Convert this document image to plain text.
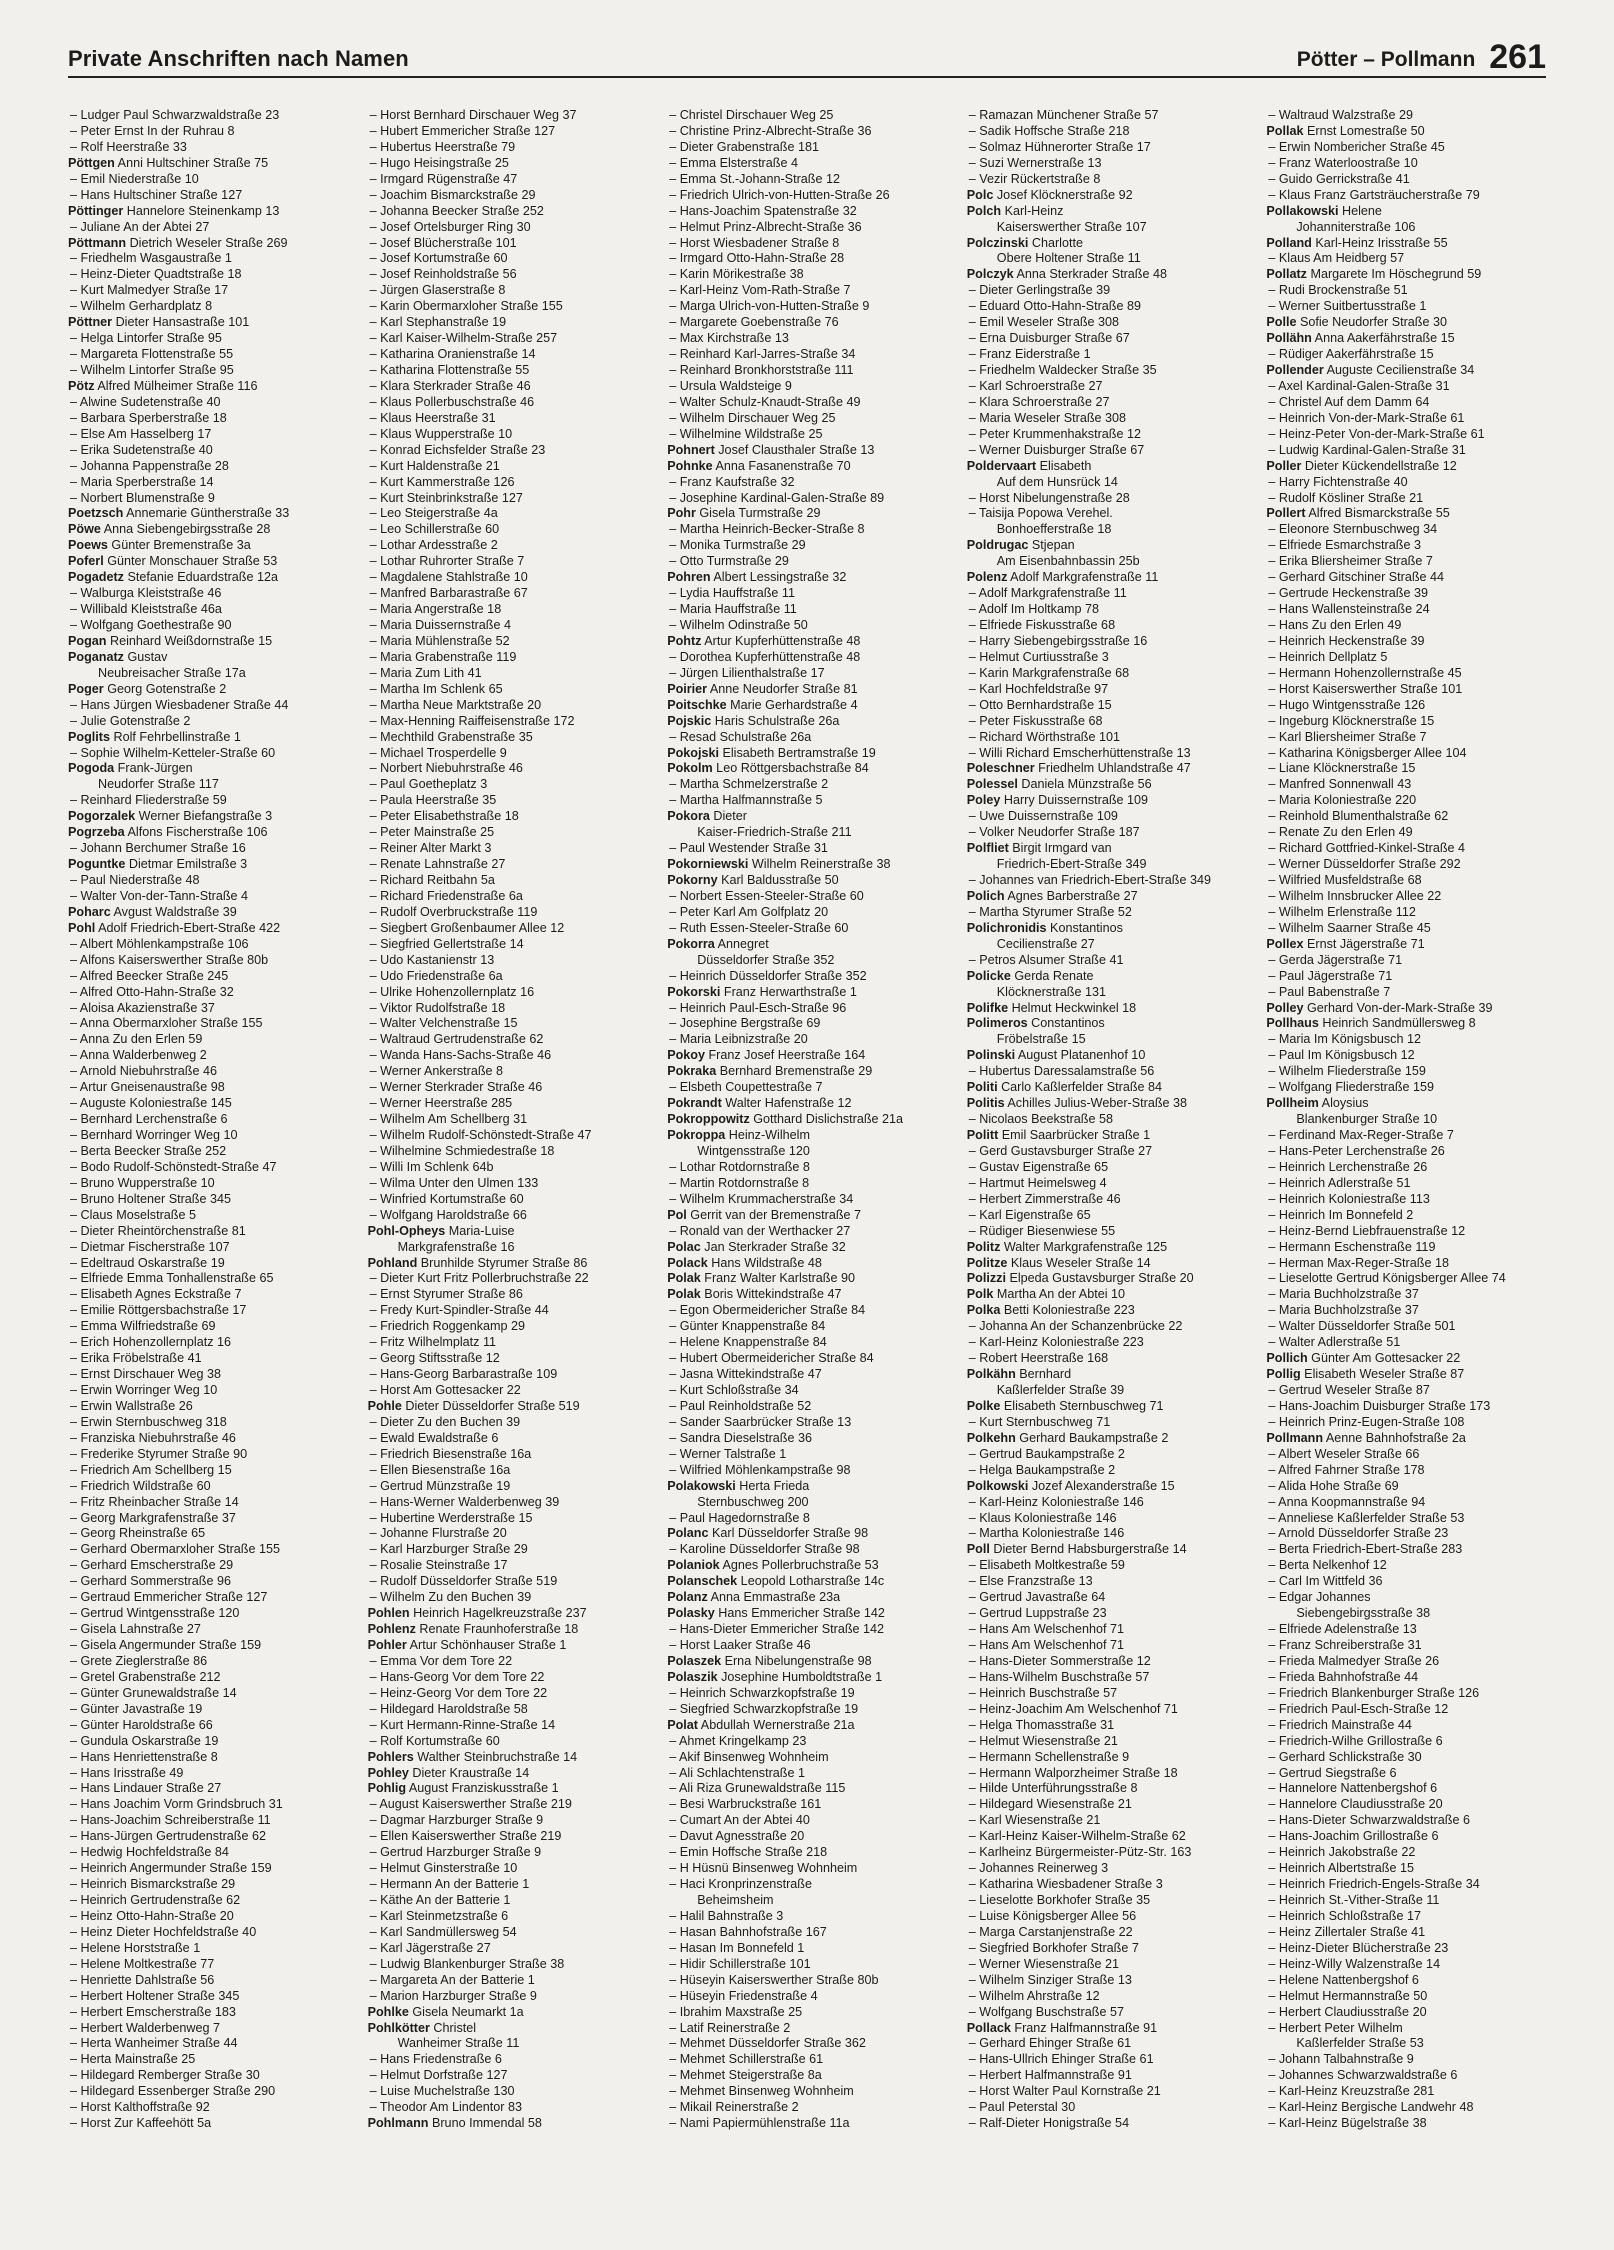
Private Anschriften nach Namen	Pötter – Pollmann 261
– Ludger Paul Schwarzwaldstraße 23
– Peter Ernst In der Ruhrau 8
– Rolf Heerstraße 33
Pöttgen Anni Hultschiner Straße 75
– Emil Niederstraße 10
– Hans Hultschiner Straße 127
Pöttinger Hannelore Steinenkamp 13
– Juliane An der Abtei 27
Pöttmann Dietrich Weseler Straße 269
– Friedhelm Wasgaustraße 1
– Heinz-Dieter Quadtstraße 18
– Kurt Malmedyer Straße 17
– Wilhelm Gerhardplatz 8
Pöttner Dieter Hansastraße 101
– Helga Lintorfer Straße 95
– Margareta Flottenstraße 55
– Wilhelm Lintorfer Straße 95
Pötz Alfred Mülheimer Straße 116
– Alwine Sudetenstraße 40
– Barbara Sperberstraße 18
– Else Am Hasselberg 17
– Erika Sudetenstraße 40
– Johanna Pappenstraße 28
– Maria Sperberstraße 14
– Norbert Blumenstraße 9
Poetzsch Annemarie Güntherstraße 33
Pöwe Anna Siebengebirgsstraße 28
Poews Günter Bremenstraße 3a
Poferl Günter Monschauer Straße 53
Pogadetz Stefanie Eduardstraße 12a
– Walburga Kleiststraße 46
– Willibald Kleiststraße 46a
– Wolfgang Goethestraße 90
Pogan Reinhard Weißdornstraße 15
Poganatz Gustav
Neubreisacher Straße 17a
Poger Georg Gotenstraße 2
– Hans Jürgen Wiesbadener Straße 44
– Julie Gotenstraße 2
Poglits Rolf Fehrbellinstraße 1
– Sophie Wilhelm-Ketteler-Straße 60
Pogoda Frank-Jürgen
Neudorfer Straße 117
– Reinhard Fliederstraße 59
Pogorzalek Werner Biefangstraße 3
Pogrzeba Alfons Fischerstraße 106
– Johann Berchumer Straße 16
Poguntke Dietmar Emilstraße 3
– Paul Niederstraße 48
– Walter Von-der-Tann-Straße 4
Poharc Avgust Waldstraße 39
Pohl Adolf Friedrich-Ebert-Straße 422
– Albert Möhlenkampstraße 106
– Alfons Kaiserswerther Straße 80b
– Alfred Beecker Straße 245
– Alfred Otto-Hahn-Straße 32
– Aloisa Akazienstraße 37
– Anna Obermarxloher Straße 155
– Anna Zu den Erlen 59
– Anna Walderbenweg 2
– Arnold Niebuhrstraße 46
– Artur Gneisenaustraße 98
– Auguste Koloniestraße 145
– Bernhard Lerchenstraße 6
– Bernhard Worringer Weg 10
– Berta Beecker Straße 252
– Bodo Rudolf-Schönstedt-Straße 47
– Bruno Wupperstraße 10
– Bruno Holtener Straße 345
– Claus Moselstraße 5
– Dieter Rheintörchenstraße 81
– Dietmar Fischerstraße 107
– Edeltraud Oskarstraße 19
– Elfriede Emma Tonhallenstraße 65
– Elisabeth Agnes Eckstraße 7
– Emilie Röttgersbachstraße 17
– Emma Wilfriedstraße 69
– Erich Hohenzollernplatz 16
– Erika Fröbelstraße 41
– Ernst Dirschauer Weg 38
– Erwin Worringer Weg 10
– Erwin Wallstraße 26
– Erwin Sternbuschweg 318
– Franziska Niebuhrstraße 46
– Frederike Styrumer Straße 90
– Friedrich Am Schellberg 15
– Friedrich Wildstraße 60
– Fritz Rheinbacher Straße 14
– Georg Markgrafenstraße 37
– Georg Rheinstraße 65
– Gerhard Obermarxloher Straße 155
– Gerhard Emscherstraße 29
– Gerhard Sommerstraße 96
– Gertraud Emmericher Straße 127
– Gertrud Wintgensstraße 120
– Gisela Lahnstraße 27
– Gisela Angermunder Straße 159
– Grete Zieglerstraße 86
– Gretel Grabenstraße 212
– Günter Grunewaldstraße 14
– Günter Javastraße 19
– Günter Haroldstraße 66
– Gundula Oskarstraße 19
– Hans Henriettenstraße 8
– Hans Irisstraße 49
– Hans Lindauer Straße 27
– Hans Joachim Vorm Grindsbruch 31
– Hans-Joachim Schreiberstraße 11
– Hans-Jürgen Gertrudenstraße 62
– Hedwig Hochfeldstraße 84
– Heinrich Angermunder Straße 159
– Heinrich Bismarckstraße 29
– Heinrich Gertrudenstraße 62
– Heinz Otto-Hahn-Straße 20
– Heinz Dieter Hochfeldstraße 40
– Helene Horststraße 1
– Helene Moltkestraße 77
– Henriette Dahlstraße 56
– Herbert Holtener Straße 345
– Herbert Emscherstraße 183
– Herbert Walderbenweg 7
– Herta Wanheimer Straße 44
– Herta Mainstraße 25
– Hildegard Remberger Straße 30
– Hildegard Essenberger Straße 290
– Horst Kalthoffstraße 92
– Horst Zur Kaffeehött 5a
– Horst Bernhard Dirschauer Weg 37
– Hubert Emmericher Straße 127
– Hubertus Heerstraße 79
– Hugo Heisingstraße 25
– Irmgard Rügenstraße 47
– Joachim Bismarckstraße 29
– Johanna Beecker Straße 252
– Josef Ortelsburger Ring 30
– Josef Blücherstraße 101
– Josef Kortumstraße 60
– Josef Reinholdstraße 56
– Jürgen Glaserstraße 8
– Karin Obermarxloher Straße 155
– Karl Stephanstraße 19
– Karl Kaiser-Wilhelm-Straße 257
– Katharina Oranienstraße 14
– Katharina Flottenstraße 55
– Klara Sterkrader Straße 46
– Klaus Pollerbuschstraße 46
– Klaus Heerstraße 31
– Klaus Wupperstraße 10
– Konrad Eichsfelder Straße 23
– Kurt Haldenstraße 21
– Kurt Kammerstraße 126
– Kurt Steinbrinkstraße 127
– Leo Steigerstraße 4a
– Leo Schillerstraße 60
– Lothar Ardesstraße 2
– Lothar Ruhrorter Straße 7
– Magdalene Stahlstraße 10
– Manfred Barbarastraße 67
– Maria Angerstraße 18
– Maria Duissernstraße 4
– Maria Mühlenstraße 52
– Maria Grabenstraße 119
– Maria Zum Lith 41
– Martha Im Schlenk 65
– Martha Neue Marktstraße 20
– Max-Henning Raiffeisenstraße 172
– Mechthild Grabenstraße 35
– Michael Trosperdelle 9
– Norbert Niebuhrstraße 46
– Paul Goetheplatz 3
– Paula Heerstraße 35
– Peter Elisabethstraße 18
– Peter Mainstraße 25
– Reiner Alter Markt 3
– Renate Lahnstraße 27
– Richard Reitbahn 5a
– Richard Friedenstraße 6a
– Rudolf Overbruckstraße 119
– Siegbert Großenbaumer Allee 12
– Siegfried Gellertstraße 14
– Udo Kastanienstr 13
– Udo Friedenstraße 6a
– Ulrike Hohenzollernplatz 16
– Viktor Rudolfstraße 18
– Walter Velchenstraße 15
– Waltraud Gertrudenstraße 62
– Wanda Hans-Sachs-Straße 46
– Werner Ankerstraße 8
– Werner Sterkrader Straße 46
– Werner Heerstraße 285
– Wilhelm Am Schellberg 31
– Wilhelm Rudolf-Schönstedt-Straße 47
– Wilhelmine Schmiedestraße 18
– Willi Im Schlenk 64b
– Wilma Unter den Ulmen 133
– Winfried Kortumstraße 60
– Wolfgang Haroldstraße 66
Pohl-Opheys Maria-Luise
Markgrafenstraße 16
Pohland Brunhilde Styrumer Straße 86
– Dieter Kurt Fritz Pollerbruchstraße 22
– Ernst Styrumer Straße 86
– Fredy Kurt-Spindler-Straße 44
– Friedrich Roggenkamp 29
– Fritz Wilhelmplatz 11
– Georg Stiftsstraße 12
– Hans-Georg Barbarastraße 109
– Horst Am Gottesacker 22
Pohle Dieter Düsseldorfer Straße 519
– Dieter Zu den Buchen 39
– Ewald Ewaldstraße 6
– Friedrich Biesenstraße 16a
– Ellen Biesenstraße 16a
– Gertrud Münzstraße 19
– Hans-Werner Walderbenweg 39
– Hubertine Werderstraße 15
– Johanne Flurstraße 20
– Karl Harzburger Straße 29
– Rosalie Steinstraße 17
– Rudolf Düsseldorfer Straße 519
– Wilhelm Zu den Buchen 39
Pohlen Heinrich Hagelkreuzstraße 237
Pohlenz Renate Fraunhoferstraße 18
Pohler Artur Schönhauser Straße 1
– Emma Vor dem Tore 22
– Hans-Georg Vor dem Tore 22
– Heinz-Georg Vor dem Tore 22
– Hildegard Haroldstraße 58
– Kurt Hermann-Rinne-Straße 14
– Rolf Kortumstraße 60
Pohlers Walther Steinbruchstraße 14
Pohley Dieter Kraustraße 14
Pohlig August Franziskusstraße 1
– August Kaiserswerther Straße 219
– Dagmar Harzburger Straße 9
– Ellen Kaiserswerther Straße 219
– Gertrud Harzburger Straße 9
– Helmut Ginsterstraße 10
– Hermann An der Batterie 1
– Käthe An der Batterie 1
– Karl Steinmetzstraße 6
– Karl Sandmüllersweg 54
– Karl Jägerstraße 27
– Ludwig Blankenburger Straße 38
– Margareta An der Batterie 1
– Marion Harzburger Straße 9
Pohlke Gisela Neumarkt 1a
Pohlkötter Christel
Wanheimer Straße 11
– Hans Friedenstraße 6
– Helmut Dorfstraße 127
– Luise Muchelstraße 130
– Theodor Am Lindentor 83
Pohlmann Bruno Immendal 58
– Christel Dirschauer Weg 25
– Christine Prinz-Albrecht-Straße 36
– Dieter Grabenstraße 181
– Emma Elsterstraße 4
– Emma St.-Johann-Straße 12
– Friedrich Ulrich-von-Hutten-Straße 26
– Hans-Joachim Spatenstraße 32
– Helmut Prinz-Albrecht-Straße 36
– Horst Wiesbadener Straße 8
– Irmgard Otto-Hahn-Straße 28
– Karin Mörikestraße 38
– Karl-Heinz Vom-Rath-Straße 7
– Marga Ulrich-von-Hutten-Straße 9
– Margarete Goebenstraße 76
– Max Kirchstraße 13
– Reinhard Karl-Jarres-Straße 34
– Reinhard Bronkhorststraße 111
– Ursula Waldsteige 9
– Walter Schulz-Knaudt-Straße 49
– Wilhelm Dirschauer Weg 25
– Wilhelmine Wildstraße 25
Pohnert Josef Clausthaler Straße 13
Pohnke Anna Fasanenstraße 70
– Franz Kaufstraße 32
– Josephine Kardinal-Galen-Straße 89
Pohr Gisela Turmstraße 29
– Martha Heinrich-Becker-Straße 8
– Monika Turmstraße 29
– Otto Turmstraße 29
Pohren Albert Lessingstraße 32
– Lydia Hauffstraße 11
– Maria Hauffstraße 11
– Wilhelm Odinstraße 50
Pohtz Artur Kupferhüttenstraße 48
– Dorothea Kupferhüttenstraße 48
– Jürgen Lilienthalstraße 17
Poirier Anne Neudorfer Straße 81
Poitschke Marie Gerhardstraße 4
Pojskic Haris Schulstraße 26a
– Resad Schulstraße 26a
Pokojski Elisabeth Bertramstraße 19
Pokolm Leo Röttgersbachstraße 84
– Martha Schmelzerstraße 2
– Martha Halfmannstraße 5
Pokora Dieter
Kaiser-Friedrich-Straße 211
– Paul Westender Straße 31
Pokorniewski Wilhelm Reinerstraße 38
Pokorny Karl Baldusstraße 50
– Norbert Essen-Steeler-Straße 60
– Peter Karl Am Golfplatz 20
– Ruth Essen-Steeler-Straße 60
Pokorra Annegret
Düsseldorfer Straße 352
– Heinrich Düsseldorfer Straße 352
Pokorski Franz Herwarthstraße 1
– Heinrich Paul-Esch-Straße 96
– Josephine Bergstraße 69
– Maria Leibnizstraße 20
Pokoy Franz Josef Heerstraße 164
Pokraka Bernhard Bremenstraße 29
– Elsbeth Coupettestraße 7
Pokrandt Walter Hafenstraße 12
Pokroppowitz Gotthard Dislichstraße 21a
Pokroppa Heinz-Wilhelm
Wintgensstraße 120
– Lothar Rotdornstraße 8
– Martin Rotdornstraße 8
– Wilhelm Krummacherstraße 34
Pol Gerrit van der Bremenstraße 7
– Ronald van der Werthacker 27
Polac Jan Sterkrader Straße 32
Polack Hans Wildstraße 48
Polak Franz Walter Karlstraße 90
Polak Boris Wittekindstraße 47
– Egon Obermeidericher Straße 84
– Günter Knappenstraße 84
– Helene Knappenstraße 84
– Hubert Obermeidericher Straße 84
– Jasna Wittekindstraße 47
– Kurt Schloßstraße 34
– Paul Reinholdstraße 52
– Sander Saarbrücker Straße 13
– Sandra Dieselstraße 36
– Werner Talstraße 1
– Wilfried Möhlenkampstraße 98
Polakowski Herta Frieda
Sternbuschweg 200
– Paul Hagedornstraße 8
Polanc Karl Düsseldorfer Straße 98
– Karoline Düsseldorfer Straße 98
Polaniok Agnes Pollerbruchstraße 53
Polanschek Leopold Lotharstraße 14c
Polanz Anna Emmastraße 23a
Polasky Hans Emmericher Straße 142
– Hans-Dieter Emmericher Straße 142
– Horst Laaker Straße 46
Polaszek Erna Nibelungenstraße 98
Polaszik Josephine Humboldtstraße 1
– Heinrich Schwarzkopfstraße 19
– Siegfried Schwarzkopfstraße 19
Polat Abdullah Wernerstraße 21a
– Ahmet Kringelkamp 23
– Akif Binsenweg Wohnheim
– Ali Schlachtenstraße 1
– Ali Riza Grunewaldstraße 115
– Besi Warbruckstraße 161
– Cumart An der Abtei 40
– Davut Agnesstraße 20
– Emin Hoffsche Straße 218
– H Hüsnü Binsenweg Wohnheim
– Haci Kronprinzenstraße
Beheimsheim
– Halil Bahnstraße 3
– Hasan Bahnhofstraße 167
– Hasan Im Bonnefeld 1
– Hidir Schillerstraße 101
– Hüseyin Kaiserswerther Straße 80b
– Hüseyin Friedenstraße 4
– Ibrahim Maxstraße 25
– Latif Reinerstraße 2
– Mehmet Düsseldorfer Straße 362
– Mehmet Schillerstraße 61
– Mehmet Steigerstraße 8a
– Mehmet Binsenweg Wohnheim
– Mikail Reinerstraße 2
– Nami Papiermühlenstraße 11a
– Ramazan Münchener Straße 57
– Sadik Hoffsche Straße 218
– Solmaz Hühnerorter Straße 17
– Suzi Wernerstraße 13
– Vezir Rückertstraße 8
Polc Josef Klöcknerstraße 92
Polch Karl-Heinz
Kaiserswerther Straße 107
Polczinski Charlotte
Obere Holtener Straße 11
Polczyk Anna Sterkrader Straße 48
– Dieter Gerlingstraße 39
– Eduard Otto-Hahn-Straße 89
– Emil Weseler Straße 308
– Erna Duisburger Straße 67
– Franz Eiderstraße 1
– Friedhelm Waldecker Straße 35
– Karl Schroerstraße 27
– Klara Schroerstraße 27
– Maria Weseler Straße 308
– Peter Krummenhakstraße 12
– Werner Duisburger Straße 67
Poldervaart Elisabeth
Auf dem Hunsrück 14
– Horst Nibelungenstraße 28
– Taisija Popowa Verehel.
Bonhoefferstraße 18
Poldrugac Stjepan
Am Eisenbahnbassin 25b
Polenz Adolf Markgrafenstraße 11
– Adolf Markgrafenstraße 11
– Adolf Im Holtkamp 78
– Elfriede Fiskusstraße 68
– Harry Siebengebirgsstraße 16
– Helmut Curtiusstraße 3
– Karin Markgrafenstraße 68
– Karl Hochfeldstraße 97
– Otto Bernhardstraße 15
– Peter Fiskusstraße 68
– Richard Wörthstraße 101
– Willi Richard Emscherhüttenstraße 13
Poleschner Friedhelm Uhlandstraße 47
Polessel Daniela Münzstraße 56
Poley Harry Duissernstraße 109
– Uwe Duissernstraße 109
– Volker Neudorfer Straße 187
Polfliet Birgit Irmgard van
Friedrich-Ebert-Straße 349
– Johannes van Friedrich-Ebert-Straße 349
Polich Agnes Barberstraße 27
– Martha Styrumer Straße 52
Polichronidis Konstantinos
Cecilienstraße 27
– Petros Alsumer Straße 41
Policke Gerda Renate
Klöcknerstraße 131
Polifke Helmut Heckwinkel 18
Polimeros Constantinos
Fröbelstraße 15
Polinski August Platanenhof 10
– Hubertus Daressalamstraße 56
Politi Carlo Kaßlerfelder Straße 84
Politis Achilles Julius-Weber-Straße 38
– Nicolaos Beekstraße 58
Politt Emil Saarbrücker Straße 1
– Gerd Gustavsburger Straße 27
– Gustav Eigenstraße 65
– Hartmut Heimelsweg 4
– Herbert Zimmerstraße 46
– Karl Eigenstraße 65
– Rüdiger Biesenwiese 55
Politz Walter Markgrafenstraße 125
Politze Klaus Weseler Straße 14
Polizzi Elpeda Gustavsburger Straße 20
Polk Martha An der Abtei 10
Polka Betti Koloniestraße 223
– Johanna An der Schanzenbrücke 22
– Karl-Heinz Koloniestraße 223
– Robert Heerstraße 168
Polkähn Bernhard
Kaßlerfelder Straße 39
Polke Elisabeth Sternbuschweg 71
– Kurt Sternbuschweg 71
Polkehn Gerhard Baukampstraße 2
– Gertrud Baukampstraße 2
– Helga Baukampstraße 2
Polkowski Jozef Alexanderstraße 15
– Karl-Heinz Koloniestraße 146
– Klaus Koloniestraße 146
– Martha Koloniestraße 146
Poll Dieter Bernd Habsburgerstraße 14
– Elisabeth Moltkestraße 59
– Else Franzstraße 13
– Gertrud Javastraße 64
– Gertrud Luppstraße 23
– Hans Am Welschenhof 71
– Hans Am Welschenhof 71
– Hans-Dieter Sommerstraße 12
– Hans-Wilhelm Buschstraße 57
– Heinrich Buschstraße 57
– Heinz-Joachim Am Welschenhof 71
– Helga Thomasstraße 31
– Helmut Wiesenstraße 21
– Hermann Schellenstraße 9
– Hermann Walporzheimer Straße 18
– Hilde Unterführungsstraße 8
– Hildegard Wiesenstraße 21
– Karl Wiesenstraße 21
– Karl-Heinz Kaiser-Wilhelm-Straße 62
– Karlheinz Bürgermeister-Pütz-Str. 163
– Johannes Reinerweg 3
– Katharina Wiesbadener Straße 3
– Lieselotte Borkhofer Straße 35
– Luise Königsberger Allee 56
– Marga Carstanjenstraße 22
– Siegfried Borkhofer Straße 7
– Werner Wiesenstraße 21
– Wilhelm Sinziger Straße 13
– Wilhelm Ahrstraße 12
– Wolfgang Buschstraße 57
Pollack Franz Halfmannstraße 91
– Gerhard Ehinger Straße 61
– Hans-Ullrich Ehinger Straße 61
– Herbert Halfmannstraße 91
– Horst Walter Paul Kornstraße 21
– Paul Peterstal 30
– Ralf-Dieter Honigstraße 54
– Waltraud Walzstraße 29
Pollak Ernst Lomestraße 50
– Erwin Nombericher Straße 45
– Franz Waterloostraße 10
– Guido Gerrickstraße 41
– Klaus Franz Gartsträucherstraße 79
Pollakowski Helene
Johanniterstraße 106
Polland Karl-Heinz Irisstraße 55
– Klaus Am Heidberg 57
Pollatz Margarete Im Höschegrund 59
– Rudi Brockenstraße 51
– Werner Suitbertusstraße 1
Polle Sofie Neudorfer Straße 30
Pollähn Anna Aakerfährstraße 15
– Rüdiger Aakerfährstraße 15
Pollender Auguste Cecilienstraße 34
– Axel Kardinal-Galen-Straße 31
– Christel Auf dem Damm 64
– Heinrich Von-der-Mark-Straße 61
– Heinz-Peter Von-der-Mark-Straße 61
– Ludwig Kardinal-Galen-Straße 31
Poller Dieter Kückendellstraße 12
– Harry Fichtenstraße 40
– Rudolf Kösliner Straße 21
Pollert Alfred Bismarckstraße 55
– Eleonore Sternbuschweg 34
– Elfriede Esmarchstraße 3
– Erika Bliersheimer Straße 7
– Gerhard Gitschiner Straße 44
– Gertrude Heckenstraße 39
– Hans Wallensteinstraße 24
– Hans Zu den Erlen 49
– Heinrich Heckenstraße 39
– Heinrich Dellplatz 5
– Hermann Hohenzollernstraße 45
– Horst Kaiserswerther Straße 101
– Hugo Wintgensstraße 126
– Ingeburg Klöcknerstraße 15
– Karl Bliersheimer Straße 7
– Katharina Königsberger Allee 104
– Liane Klöcknerstraße 15
– Manfred Sonnenwall 43
– Maria Koloniestraße 220
– Reinhold Blumenthalstraße 62
– Renate Zu den Erlen 49
– Richard Gottfried-Kinkel-Straße 4
– Werner Düsseldorfer Straße 292
– Wilfried Musfeldstraße 68
– Wilhelm Innsbrucker Allee 22
– Wilhelm Erlenstraße 112
– Wilhelm Saarner Straße 45
Pollex Ernst Jägerstraße 71
– Gerda Jägerstraße 71
– Paul Jägerstraße 71
– Paul Babenstraße 7
Polley Gerhard Von-der-Mark-Straße 39
Pollhaus Heinrich Sandmüllersweg 8
– Maria Im Königsbusch 12
– Paul Im Königsbusch 12
– Wilhelm Fliederstraße 159
– Wolfgang Fliederstraße 159
Pollheim Aloysius
Blankenburger Straße 10
– Ferdinand Max-Reger-Straße 7
– Hans-Peter Lerchenstraße 26
– Heinrich Lerchenstraße 26
– Heinrich Adlerstraße 51
– Heinrich Koloniestraße 113
– Heinrich Im Bonnefeld 2
– Heinz-Bernd Liebfrauenstraße 12
– Hermann Eschenstraße 119
– Herman Max-Reger-Straße 18
– Lieselotte Gertrud Königsberger Allee 74
– Maria Buchholzstraße 37
– Maria Buchholzstraße 37
– Walter Düsseldorfer Straße 501
– Walter Adlerstraße 51
Pollich Günter Am Gottesacker 22
Pollig Elisabeth Weseler Straße 87
– Gertrud Weseler Straße 87
– Hans-Joachim Duisburger Straße 173
– Heinrich Prinz-Eugen-Straße 108
Pollmann Aenne Bahnhofstraße 2a
– Albert Weseler Straße 66
– Alfred Fahrner Straße 178
– Alida Hohe Straße 69
– Anna Koopmannstraße 94
– Anneliese Kaßlerfelder Straße 53
– Arnold Düsseldorfer Straße 23
– Berta Friedrich-Ebert-Straße 283
– Berta Nelkenhof 12
– Carl Im Wittfeld 36
– Edgar Johannes
Siebengebirgsstraße 38
– Elfriede Adelenstraße 13
– Franz Schreiberstraße 31
– Frieda Malmedyer Straße 26
– Frieda Bahnhofstraße 44
– Friedrich Blankenburger Straße 126
– Friedrich Paul-Esch-Straße 12
– Friedrich Mainstraße 44
– Friedrich-Wilhe Grillostraße 6
– Gerhard Schlickstraße 30
– Gertrud Siegstraße 6
– Hannelore Nattenbergshof 6
– Hannelore Claudiusstraße 20
– Hans-Dieter Schwarzwaldstraße 6
– Hans-Joachim Grillostraße 6
– Heinrich Jakobstraße 22
– Heinrich Albertstraße 15
– Heinrich Friedrich-Engels-Straße 34
– Heinrich St.-Vither-Straße 11
– Heinrich Schloßstraße 17
– Heinz Zillertaler Straße 41
– Heinz-Dieter Blücherstraße 23
– Heinz-Willy Walzenstraße 14
– Helene Nattenbergshof 6
– Helmut Hermannstraße 50
– Herbert Claudiusstraße 20
– Herbert Peter Wilhelm
Kaßlerfelder Straße 53
– Johann Talbahnstraße 9
– Johannes Schwarzwaldstraße 6
– Karl-Heinz Kreuzstraße 281
– Karl-Heinz Bergische Landwehr 48
– Karl-Heinz Bügelstraße 38
